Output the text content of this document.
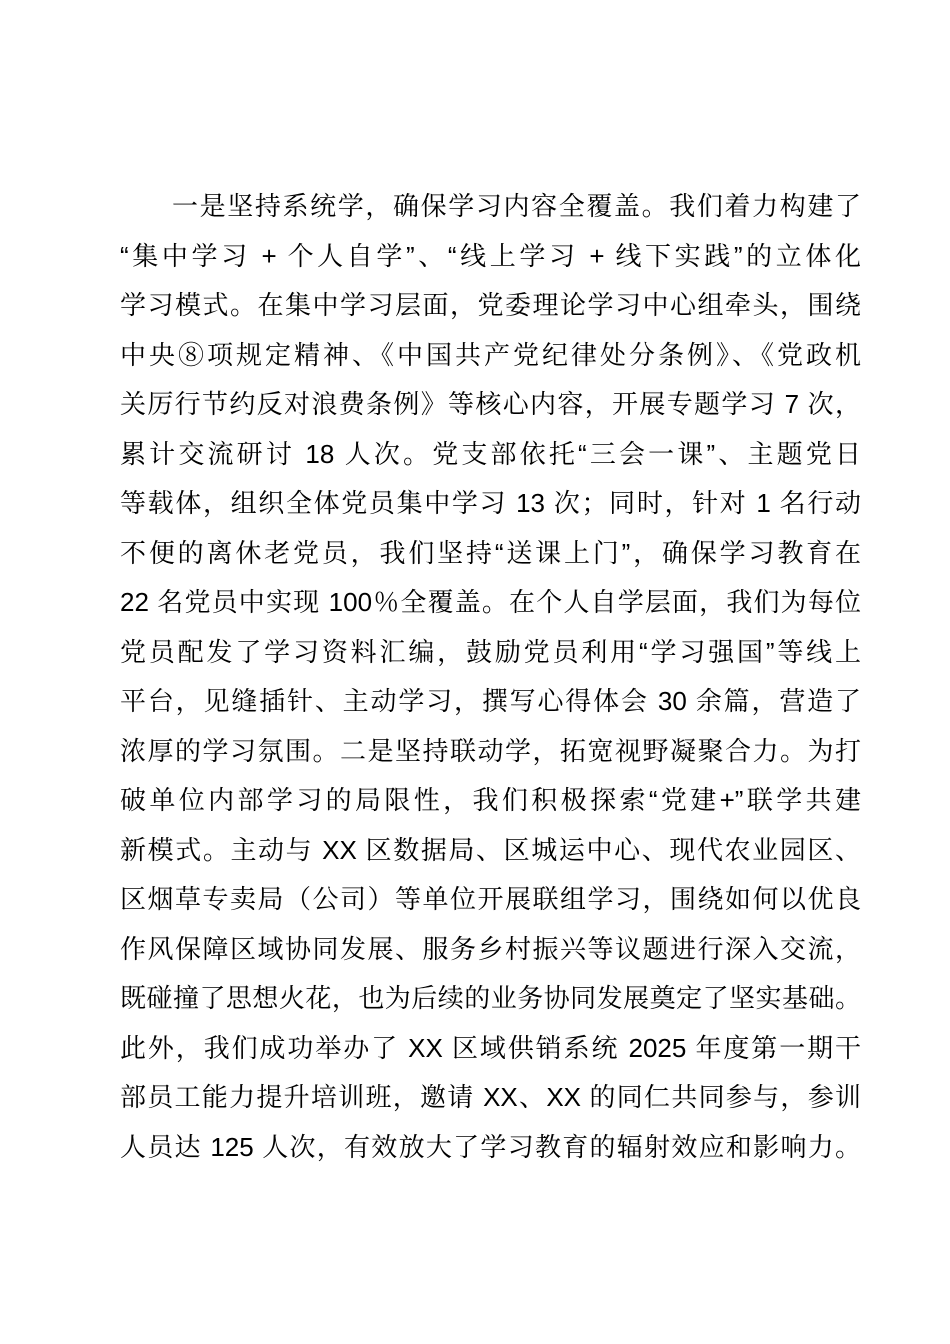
一是坚持系统学，确保学习内容全覆盖。我们着力构建了
“集中学习 + 个人自学”、“线上学习 + 线下实践”的立体化
学习模式。在集中学习层面，党委理论学习中心组牵头，围绕
中央⑧项规定精神、《中国共产党纪律处分条例》、《党政机
关厉行节约反对浪费条例》等核心内容，开展专题学习 7 次，
累计交流研讨 18 人次。党支部依托“三会一课”、主题党日
等载体，组织全体党员集中学习 13 次；同时，针对 1 名行动
不便的离休老党员，我们坚持“送课上门”，确保学习教育在
22 名党员中实现 100％全覆盖。在个人自学层面，我们为每位
党员配发了学习资料汇编，鼓励党员利用“学习强国”等线上
平台，见缝插针、主动学习，撰写心得体会 30 余篇，营造了
浓厚的学习氛围。二是坚持联动学，拓宽视野凝聚合力。为打
破单位内部学习的局限性，我们积极探索“党建+”联学共建
新模式。主动与 XX 区数据局、区城运中心、现代农业园区、
区烟草专卖局（公司）等单位开展联组学习，围绕如何以优良
作风保障区域协同发展、服务乡村振兴等议题进行深入交流，
既碰撞了思想火花，也为后续的业务协同发展奠定了坚实基础。
此外，我们成功举办了 XX 区域供销系统 2025 年度第一期干
部员工能力提升培训班，邀请 XX、XX 的同仁共同参与，参训
人员达 125 人次，有效放大了学习教育的辐射效应和影响力。
